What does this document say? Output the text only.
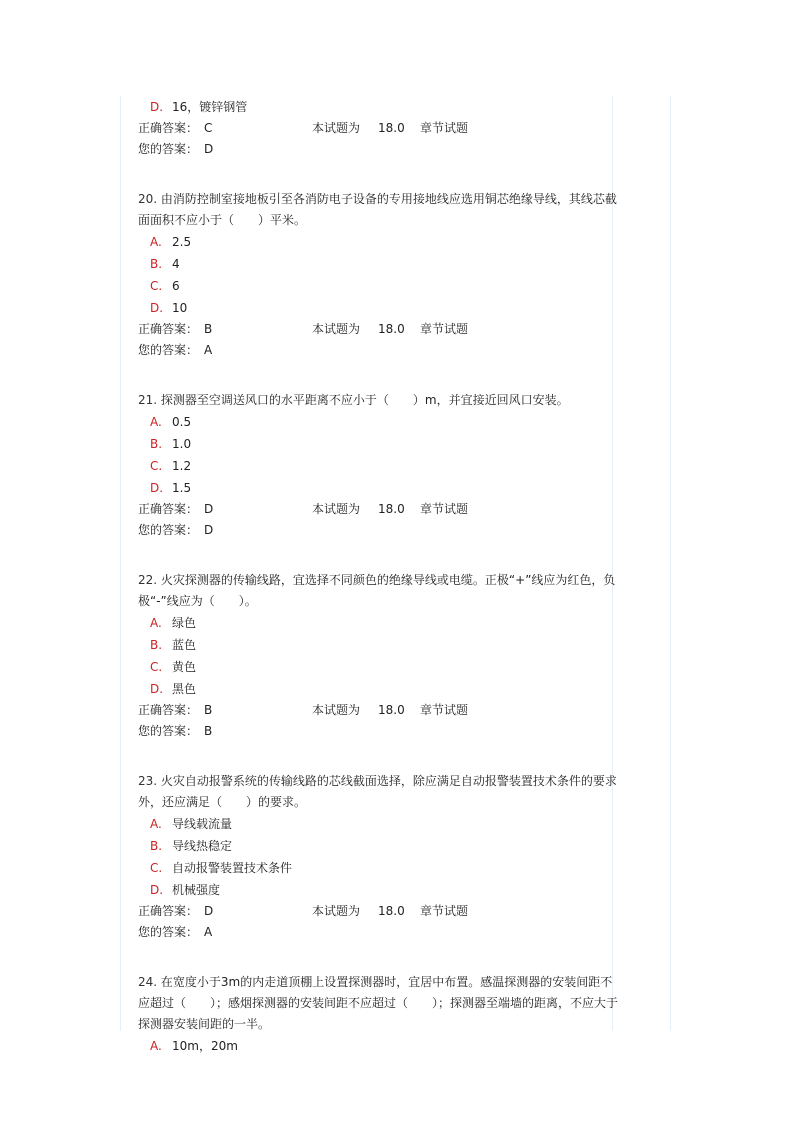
D. 16，镀锌钢管
正确答案： C	本试题为 18.0 章节试题
您的答案： D
20. 由消防控制室接地板引至各消防电子设备的专用接地线应选用铜芯绝缘导线，其线芯截面面积不应小于（　　）平米。
A. 2.5
B. 4
C. 6
D. 10
正确答案： B	本试题为 18.0 章节试题
您的答案： A
21. 探测器至空调送风口的水平距离不应小于（　　）m，并宜接近回风口安装。
A. 0.5
B. 1.0
C. 1.2
D. 1.5
正确答案： D	本试题为 18.0 章节试题
您的答案： D
22. 火灾探测器的传输线路，宜选择不同颜色的绝缘导线或电缆。正极“+”线应为红色，负极“-”线应为（　　）。
A. 绿色
B. 蓝色
C. 黄色
D. 黑色
正确答案： B	本试题为 18.0 章节试题
您的答案： B
23. 火灾自动报警系统的传输线路的芯线截面选择，除应满足自动报警装置技术条件的要求外，还应满足（　　）的要求。
A. 导线载流量
B. 导线热稳定
C. 自动报警装置技术条件
D. 机械强度
正确答案： D	本试题为 18.0 章节试题
您的答案： A
24. 在宽度小于3m的内走道顶棚上设置探测器时，宜居中布置。感温探测器的安装间距不应超过（　　）；感烟探测器的安装间距不应超过（　　）；探测器至端墙的距离，不应大于探测器安装间距的一半。
A. 10m，20m
